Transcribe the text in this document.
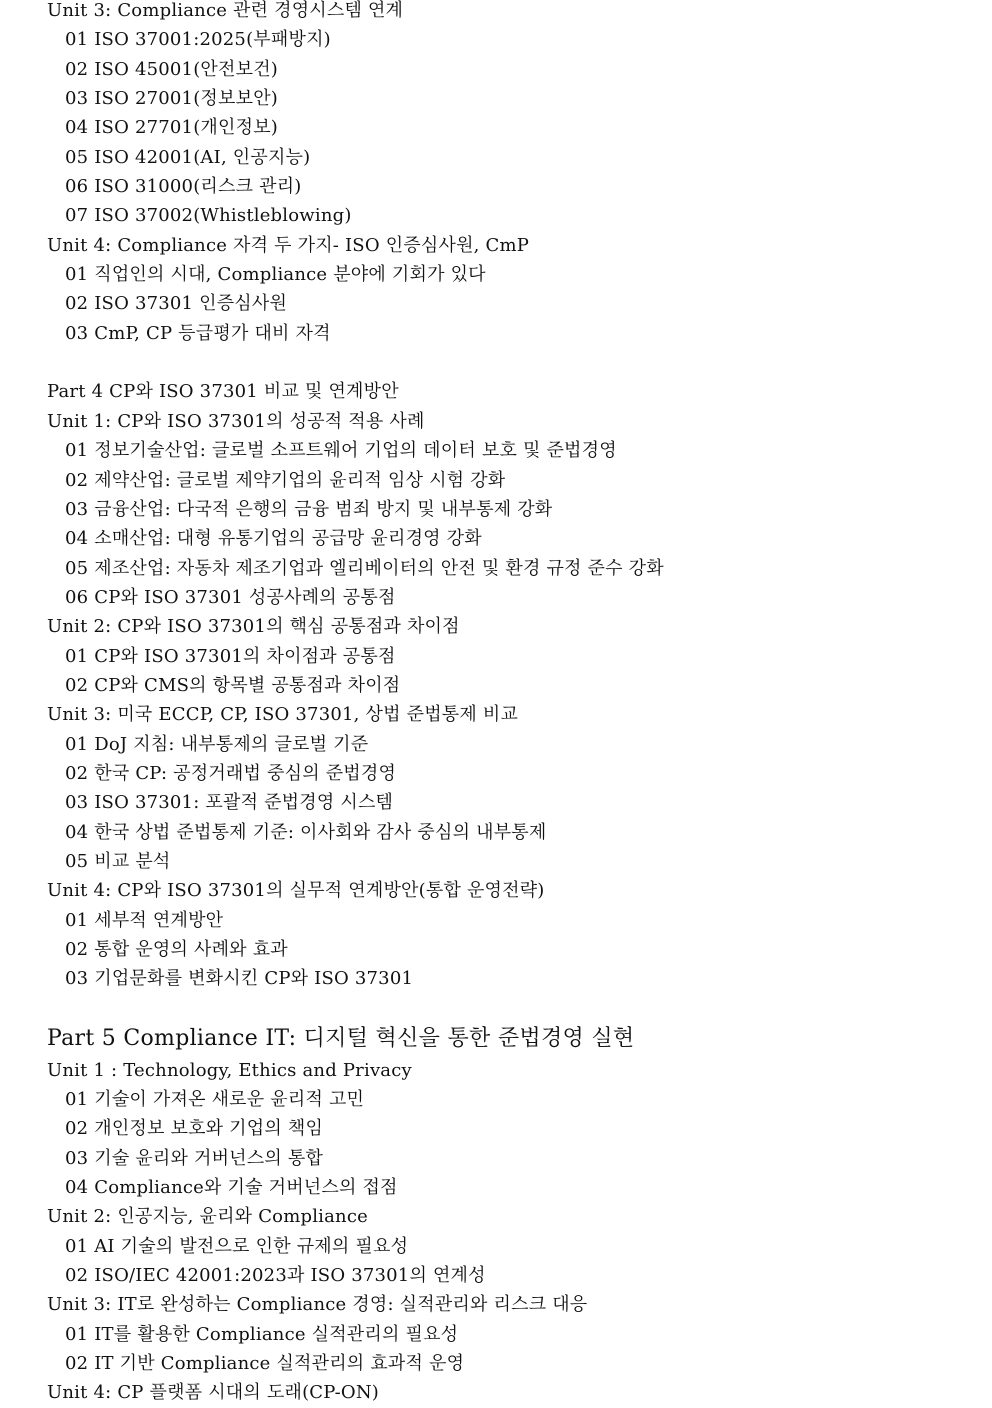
Unit 3: Compliance 관련 경영시스템 연계
01 ISO 37001:2025(부패방지)
02 ISO 45001(안전보건)
03 ISO 27001(정보보안)
04 ISO 27701(개인정보)
05 ISO 42001(AI, 인공지능)
06 ISO 31000(리스크 관리)
07 ISO 37002(Whistleblowing)
Unit 4: Compliance 자격 두 가지- ISO 인증심사원, CmP
01 직업인의 시대, Compliance 분야에 기회가 있다
02 ISO 37301 인증심사원
03 CmP, CP 등급평가 대비 자격
Part 4 CP와 ISO 37301 비교 및 연계방안
Unit 1: CP와 ISO 37301의 성공적 적용 사례
01 정보기술산업: 글로벌 소프트웨어 기업의 데이터 보호 및 준법경영
02 제약산업: 글로벌 제약기업의 윤리적 임상 시험 강화
03 금융산업: 다국적 은행의 금융 범죄 방지 및 내부통제 강화
04 소매산업: 대형 유통기업의 공급망 윤리경영 강화
05 제조산업: 자동차 제조기업과 엘리베이터의 안전 및 환경 규정 준수 강화
06 CP와 ISO 37301 성공사례의 공통점
Unit 2: CP와 ISO 37301의 핵심 공통점과 차이점
01 CP와 ISO 37301의 차이점과 공통점
02 CP와 CMS의 항목별 공통점과 차이점
Unit 3: 미국 ECCP, CP, ISO 37301, 상법 준법통제 비교
01 DoJ 지침: 내부통제의 글로벌 기준
02 한국 CP: 공정거래법 중심의 준법경영
03 ISO 37301: 포괄적 준법경영 시스템
04 한국 상법 준법통제 기준: 이사회와 감사 중심의 내부통제
05 비교 분석
Unit 4: CP와 ISO 37301의 실무적 연계방안(통합 운영전략)
01 세부적 연계방안
02 통합 운영의 사례와 효과
03 기업문화를 변화시킨 CP와 ISO 37301
Part 5 Compliance IT: 디지털 혁신을 통한 준법경영 실현
Unit 1 : Technology, Ethics and Privacy
01 기술이 가져온 새로운 윤리적 고민
02 개인정보 보호와 기업의 책임
03 기술 윤리와 거버넌스의 통합
04 Compliance와 기술 거버넌스의 접점
Unit 2: 인공지능, 윤리와 Compliance
01 AI 기술의 발전으로 인한 규제의 필요성
02 ISO/IEC 42001:2023과 ISO 37301의 연계성
Unit 3: IT로 완성하는 Compliance 경영: 실적관리와 리스크 대응
01 IT를 활용한 Compliance 실적관리의 필요성
02 IT 기반 Compliance 실적관리의 효과적 운영
Unit 4: CP 플랫폼 시대의 도래(CP-ON)
